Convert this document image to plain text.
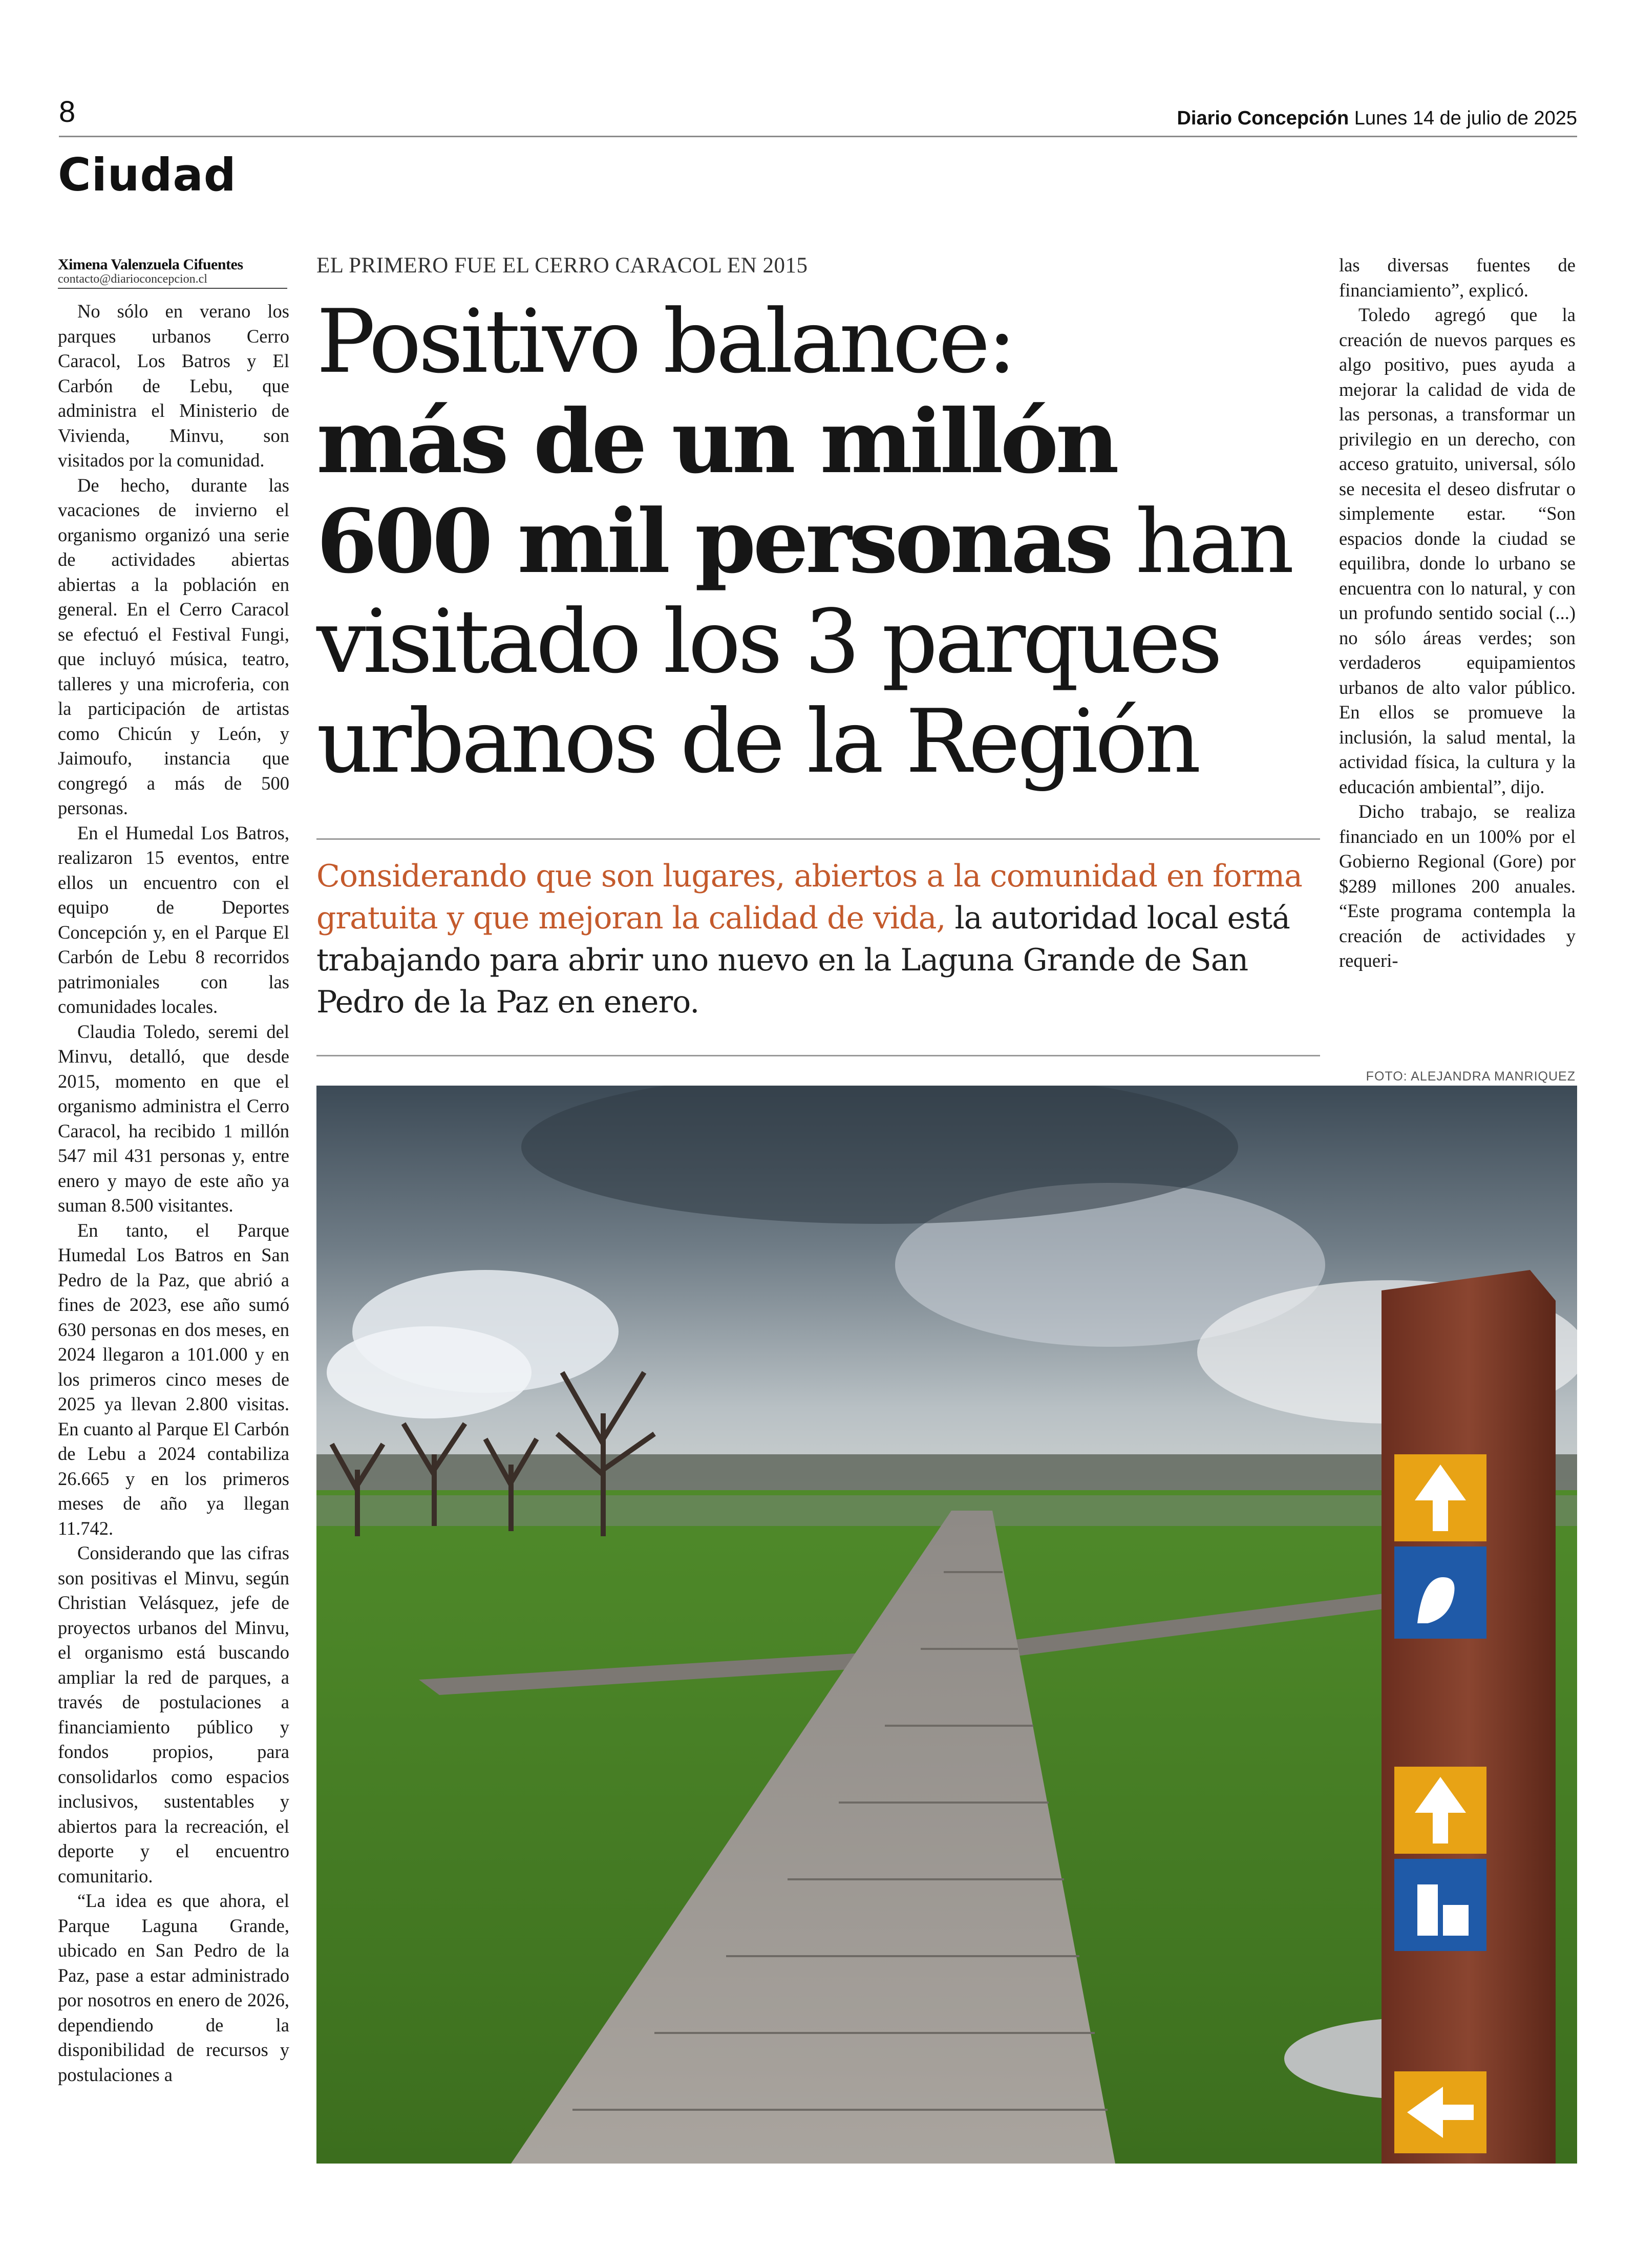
8	Diario Concepción Lunes 14 de julio de 2025
Ciudad
Ximena Valenzuela Cifuentes
contacto@diarioconcepcion.cl

No sólo en verano los parques urbanos Cerro Caracol, Los Batros y El Carbón de Lebu, que administra el Ministerio de Vivienda, Minvu, son visitados por la comunidad.

De hecho, durante las vacaciones de invierno el organismo organizó una serie de actividades abiertas abiertas a la población en general. En el Cerro Caracol se efectuó el Festival Fungi, que incluyó música, teatro, talleres y una microferia, con la participación de artistas como Chicún y León, y Jaimoufo, instancia que congregó a más de 500 personas.

En el Humedal Los Batros, realizaron 15 eventos, entre ellos un encuentro con el equipo de Deportes Concepción y, en el Parque El Carbón de Lebu 8 recorridos patrimoniales con las comunidades locales.

Claudia Toledo, seremi del Minvu, detalló, que desde 2015, momento en que el organismo administra el Cerro Caracol, ha recibido 1 millón 547 mil 431 personas y, entre enero y mayo de este año ya suman 8.500 visitantes.

En tanto, el Parque Humedal Los Batros en San Pedro de la Paz, que abrió a fines de 2023, ese año sumó 630 personas en dos meses, en 2024 llegaron a 101.000 y en los primeros cinco meses de 2025 ya llevan 2.800 visitas. En cuanto al Parque El Carbón de Lebu a 2024 contabiliza 26.665 y en los primeros meses de año ya llegan 11.742.

Considerando que las cifras son positivas el Minvu, según Christian Velásquez, jefe de proyectos urbanos del Minvu, el organismo está buscando ampliar la red de parques, a través de postulaciones a financiamiento público y fondos propios, para consolidarlos como espacios inclusivos, sustentables y abiertos para la recreación, el deporte y el encuentro comunitario.

“La idea es que ahora, el Parque Laguna Grande, ubicado en San Pedro de la Paz, pase a estar administrado por nosotros en enero de 2026, dependiendo de la disponibilidad de recursos y postulaciones a

EL PRIMERO FUE EL CERRO CARACOL EN 2015
Positivo balance:
más de un millón
600 mil personas han
visitado los 3 parques
urbanos de la Región
Considerando que son lugares, abiertos a la comunidad en forma gratuita y que mejoran la calidad de vida, la autoridad local está trabajando para abrir uno nuevo en la Laguna Grande de San Pedro de la Paz en enero.

las diversas fuentes de financiamiento”, explicó.

Toledo agregó que la creación de nuevos parques es algo positivo, pues ayuda a mejorar la calidad de vida de las personas, a transformar un privilegio en un derecho, con acceso gratuito, universal, sólo se necesita el deseo disfrutar o simplemente estar. “Son espacios donde la ciudad se equilibra, donde lo urbano se encuentra con lo natural, y con un profundo sentido social (...) no sólo áreas verdes; son verdaderos equipamientos urbanos de alto valor público. En ellos se promueve la inclusión, la salud mental, la actividad física, la cultura y la educación ambiental”, dijo.

Dicho trabajo, se realiza financiado en un 100% por el Gobierno Regional (Gore) por $289 millones 200 anuales. “Este programa contempla la creación de actividades y requeri-

FOTO: ALEJANDRA MANRIQUEZ
